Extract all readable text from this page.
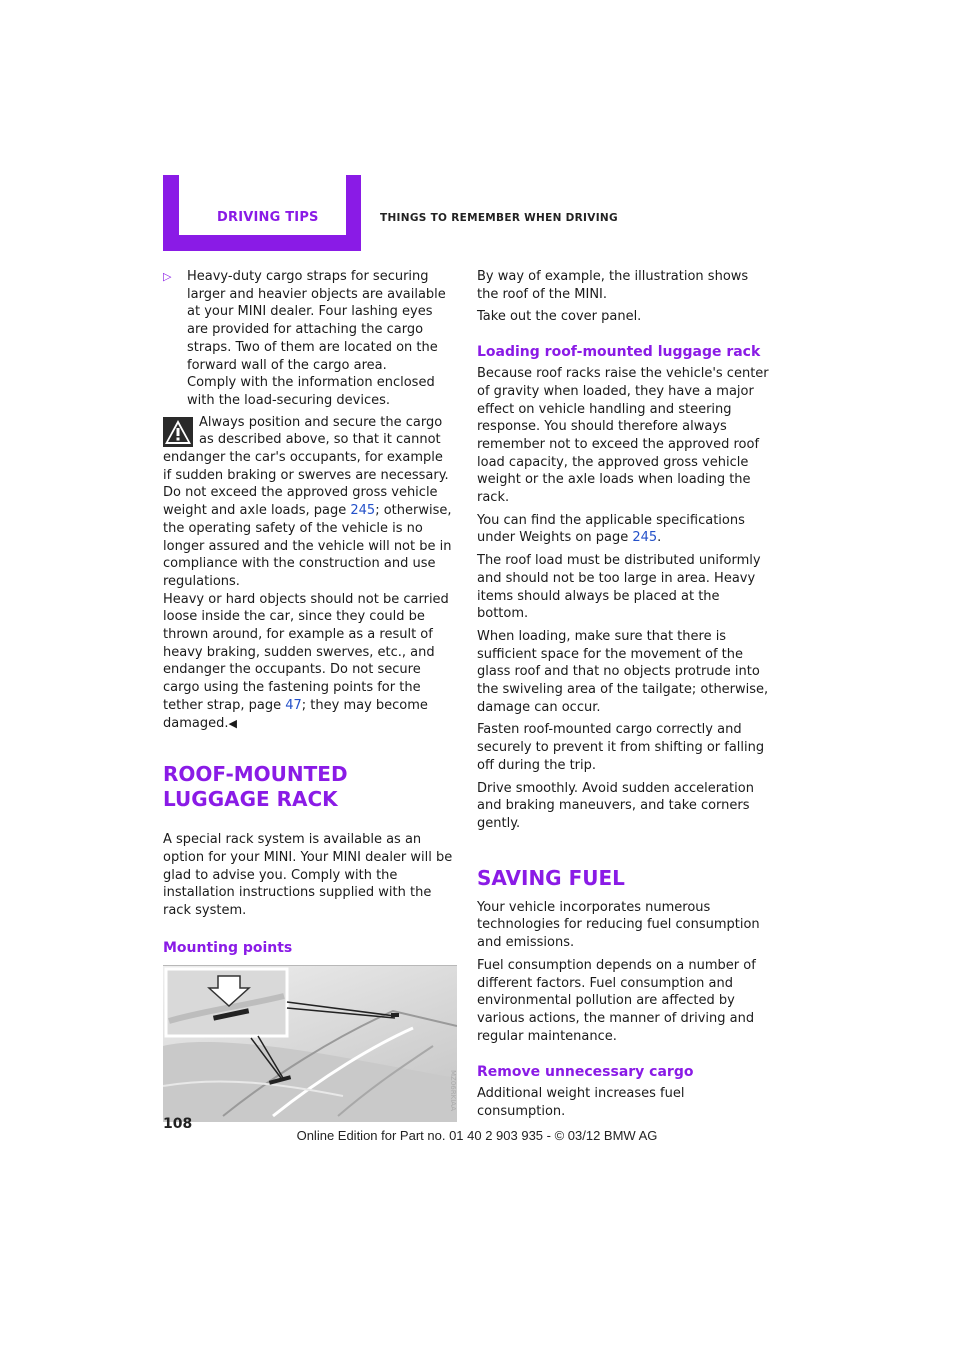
DRIVING TIPS	THINGS TO REMEMBER WHEN DRIVING
▷	Heavy-duty cargo straps for securing larger and heavier objects are available at your MINI dealer. Four lashing eyes are provided for attaching the cargo straps. Two of them are located on the forward wall of the cargo area.

Comply with the information enclosed with the load-securing devices.

Always position and secure the cargo as described above, so that it cannot endanger the car's occupants, for example if sudden braking or swerves are necessary.

Do not exceed the approved gross vehicle weight and axle loads, page 245; otherwise, the operating safety of the vehicle is no longer assured and the vehicle will not be in compliance with the construction and use regulations.

Heavy or hard objects should not be carried loose inside the car, since they could be thrown around, for example as a result of heavy braking, sudden swerves, etc., and endanger the occupants. Do not secure cargo using the fastening points for the tether strap, page 47; they may become damaged.◀

ROOF-MOUNTED LUGGAGE RACK

A special rack system is available as an option for your MINI. Your MINI dealer will be glad to advise you. Comply with the installation instructions supplied with the rack system.

Mounting points
MZ06RKIAA

By way of example, the illustration shows the roof of the MINI.

Take out the cover panel.

Loading roof-mounted luggage rack

Because roof racks raise the vehicle's center of gravity when loaded, they have a major effect on vehicle handling and steering response. You should therefore always remember not to exceed the approved roof load capacity, the approved gross vehicle weight or the axle loads when loading the rack.

You can find the applicable specifications under Weights on page 245.

The roof load must be distributed uniformly and should not be too large in area. Heavy items should always be placed at the bottom.

When loading, make sure that there is sufficient space for the movement of the glass roof and that no objects protrude into the swiveling area of the tailgate; otherwise, damage can occur.

Fasten roof-mounted cargo correctly and securely to prevent it from shifting or falling off during the trip.

Drive smoothly. Avoid sudden acceleration and braking maneuvers, and take corners gently.

SAVING FUEL

Your vehicle incorporates numerous technologies for reducing fuel consumption and emissions.

Fuel consumption depends on a number of different factors. Fuel consumption and environmental pollution are affected by various actions, the manner of driving and regular maintenance.

Remove unnecessary cargo

Additional weight increases fuel consumption.

108
Online Edition for Part no. 01 40 2 903 935 - © 03/12 BMW AG
